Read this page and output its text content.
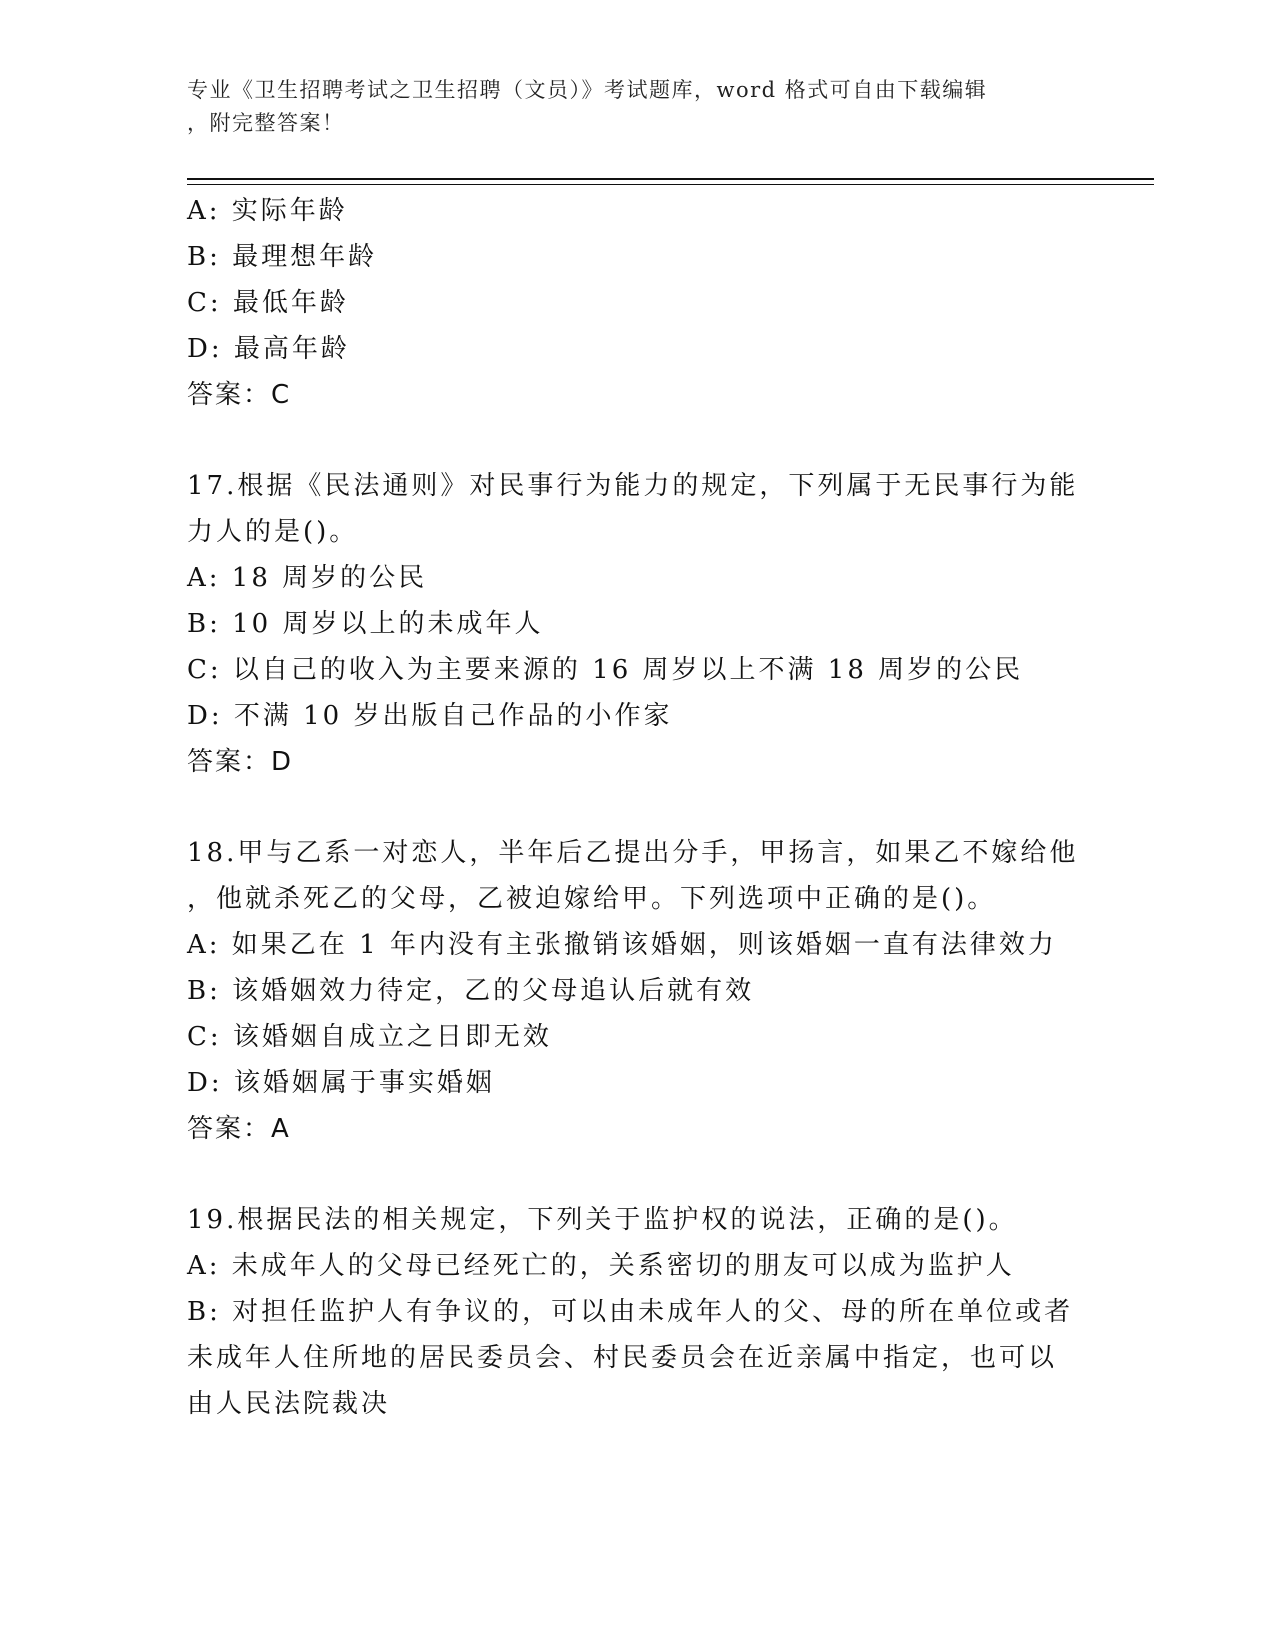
专业《卫生招聘考试之卫生招聘（文员）》考试题库，word 格式可自由下载编辑
，附完整答案！
A: 实际年龄
B: 最理想年龄
C: 最低年龄
D: 最高年龄
答案：C
17.根据《民法通则》对民事行为能力的规定，下列属于无民事行为能
力人的是()。
A: 18 周岁的公民
B: 10 周岁以上的未成年人
C: 以自己的收入为主要来源的 16 周岁以上不满 18 周岁的公民
D: 不满 10 岁出版自己作品的小作家
答案：D
18.甲与乙系一对恋人，半年后乙提出分手，甲扬言，如果乙不嫁给他
，他就杀死乙的父母，乙被迫嫁给甲。下列选项中正确的是()。
A: 如果乙在 1 年内没有主张撤销该婚姻，则该婚姻一直有法律效力
B: 该婚姻效力待定，乙的父母追认后就有效
C: 该婚姻自成立之日即无效
D: 该婚姻属于事实婚姻
答案：A
19.根据民法的相关规定，下列关于监护权的说法，正确的是()。
A: 未成年人的父母已经死亡的，关系密切的朋友可以成为监护人
B: 对担任监护人有争议的，可以由未成年人的父、母的所在单位或者
未成年人住所地的居民委员会、村民委员会在近亲属中指定，也可以
由人民法院裁决
